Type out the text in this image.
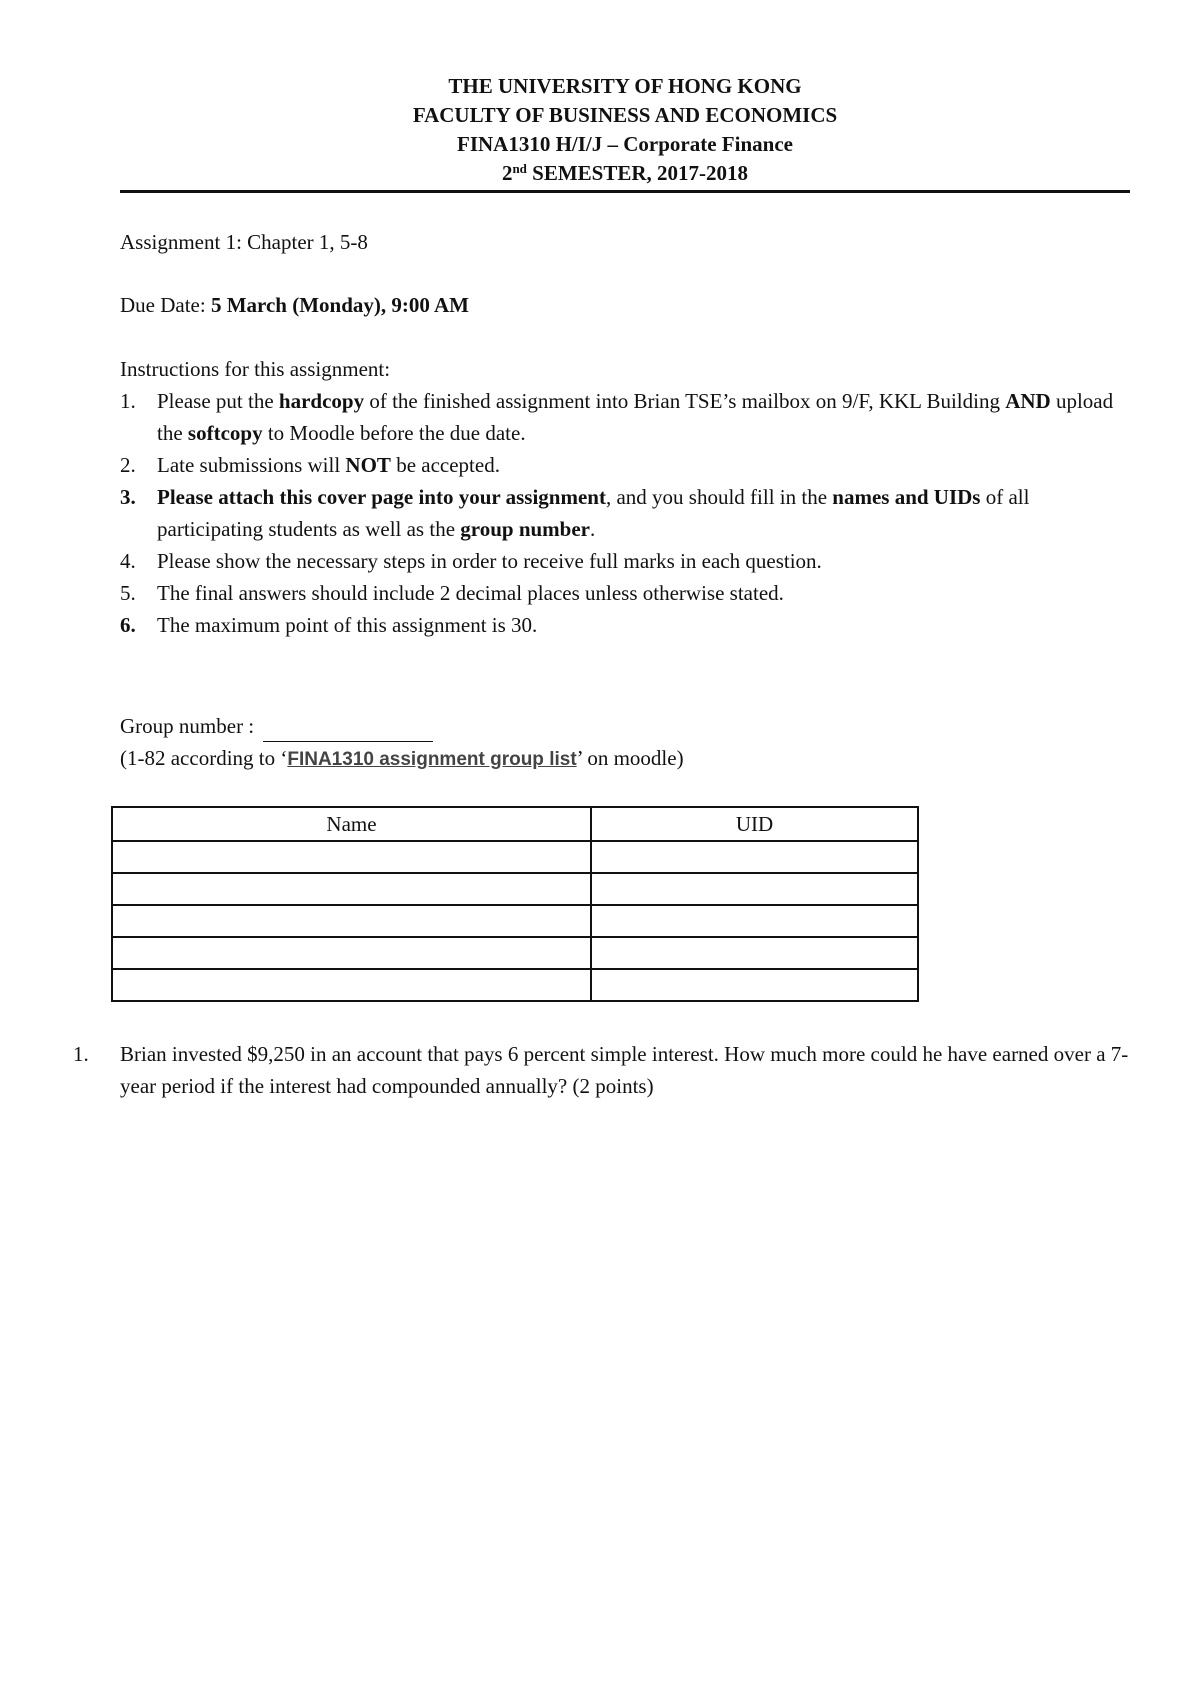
THE UNIVERSITY OF HONG KONG
FACULTY OF BUSINESS AND ECONOMICS
FINA1310 H/I/J – Corporate Finance
2nd SEMESTER, 2017-2018
Assignment 1: Chapter 1, 5-8
Due Date: 5 March (Monday), 9:00 AM
Instructions for this assignment:
1. Please put the hardcopy of the finished assignment into Brian TSE’s mailbox on 9/F, KKL Building AND upload the softcopy to Moodle before the due date.
2. Late submissions will NOT be accepted.
3. Please attach this cover page into your assignment, and you should fill in the names and UIDs of all participating students as well as the group number.
4. Please show the necessary steps in order to receive full marks in each question.
5. The final answers should include 2 decimal places unless otherwise stated.
6. The maximum point of this assignment is 30.
Group number :
(1-82 according to ‘FINA1310 assignment group list’ on moodle)
Name	UID

1. Brian invested $9,250 in an account that pays 6 percent simple interest. How much more could he have earned over a 7-year period if the interest had compounded annually? (2 points)
